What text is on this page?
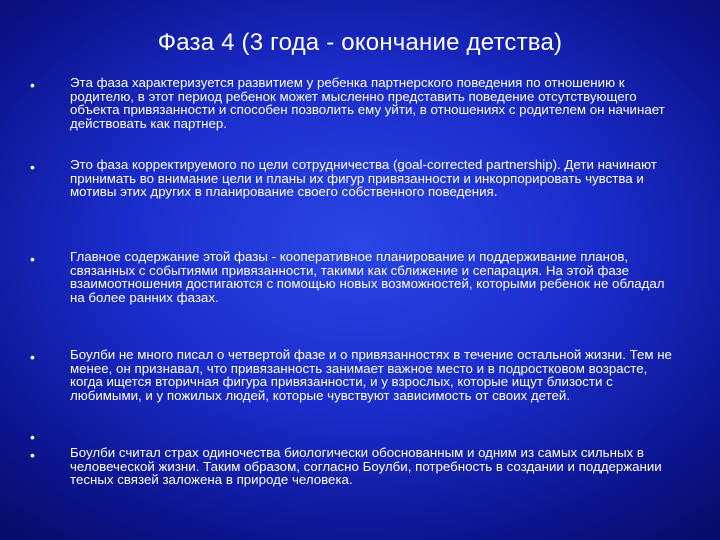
Фаза 4 (3 года - окончание детства)
•	Эта фаза характеризуется развитием у ребенка партнерского поведения по отношению к родителю, в этот период ребенок может мысленно представить поведение отсутствующего объекта привязанности и способен позволить ему уйти, в отношениях с родителем он начинает действовать как партнер.
•	Это фаза корректируемого по цели сотрудничества (goal-corrected partnership). Дети начинают принимать во внимание цели и планы их фигур привязанности и инкорпорировать чувства и мотивы этих других в планирование своего собственного поведения.
•	Главное содержание этой фазы - кооперативное планирование и поддерживание планов, связанных с событиями привязанности, такими как сближение и сепарация. На этой фазе взаимоотношения достигаются с помощью новых возможностей, которыми ребенок не обладал на более ранних фазах.
•	Боулби не много писал о четвертой фазе и о привязанностях в течение остальной жизни. Тем не менее, он признавал, что привязанность занимает важное место и в подростковом возрасте, когда ищется вторичная фигура привязанности, и у взрослых, которые ищут близости с любимыми, и у пожилых людей, которые чувствуют зависимость от своих детей.
•
•	Боулби считал страх одиночества биологически обоснованным и одним из самых сильных в человеческой жизни. Таким образом, согласно Боулби, потребность в создании и поддержании тесных связей заложена в природе человека.
